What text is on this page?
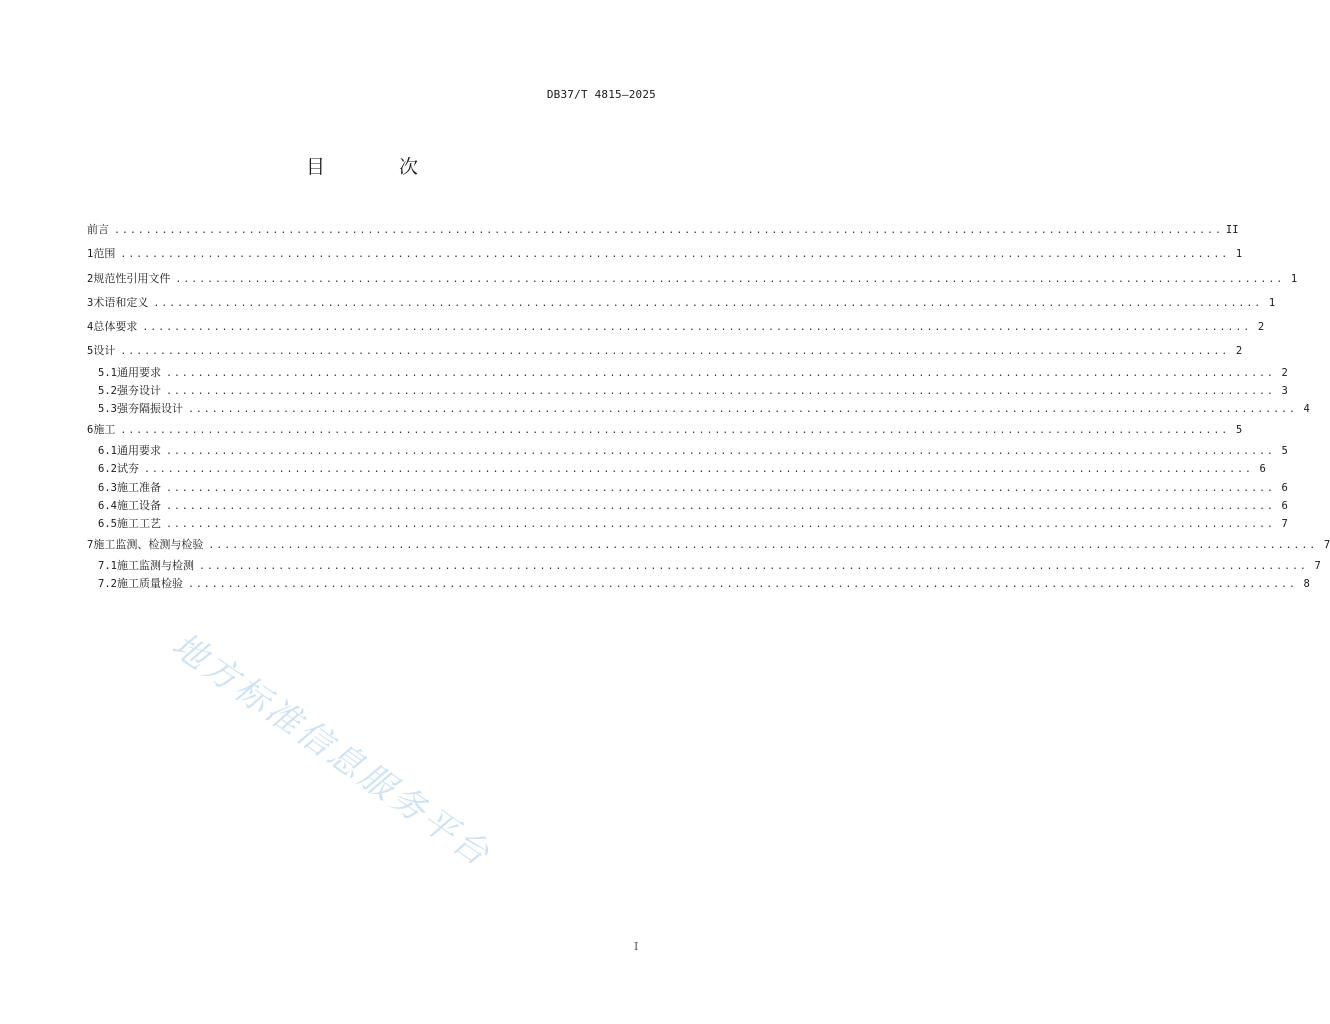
DB37/T 4815—2025
目 次
前言 ............................................................................................................................................ II
1 范围 ............................................................................................................................................ 1
2 规范性引用文件 ............................................................................................................................................ 1
3 术语和定义 ............................................................................................................................................ 1
4 总体要求 ............................................................................................................................................ 2
5 设计 ............................................................................................................................................ 2
5.1 通用要求 ............................................................................................................................................ 2
5.2 强夯设计 ............................................................................................................................................ 3
5.3 强夯隔振设计 ............................................................................................................................................ 4
6 施工 ............................................................................................................................................ 5
6.1 通用要求 ............................................................................................................................................ 5
6.2 试夯 ............................................................................................................................................ 6
6.3 施工准备 ............................................................................................................................................ 6
6.4 施工设备 ............................................................................................................................................ 6
6.5 施工工艺 ............................................................................................................................................ 7
7 施工监测、检测与检验 ............................................................................................................................................ 7
7.1 施工监测与检测 ............................................................................................................................................ 7
7.2 施工质量检验 ............................................................................................................................................ 8
地方标准信息服务平台
I
